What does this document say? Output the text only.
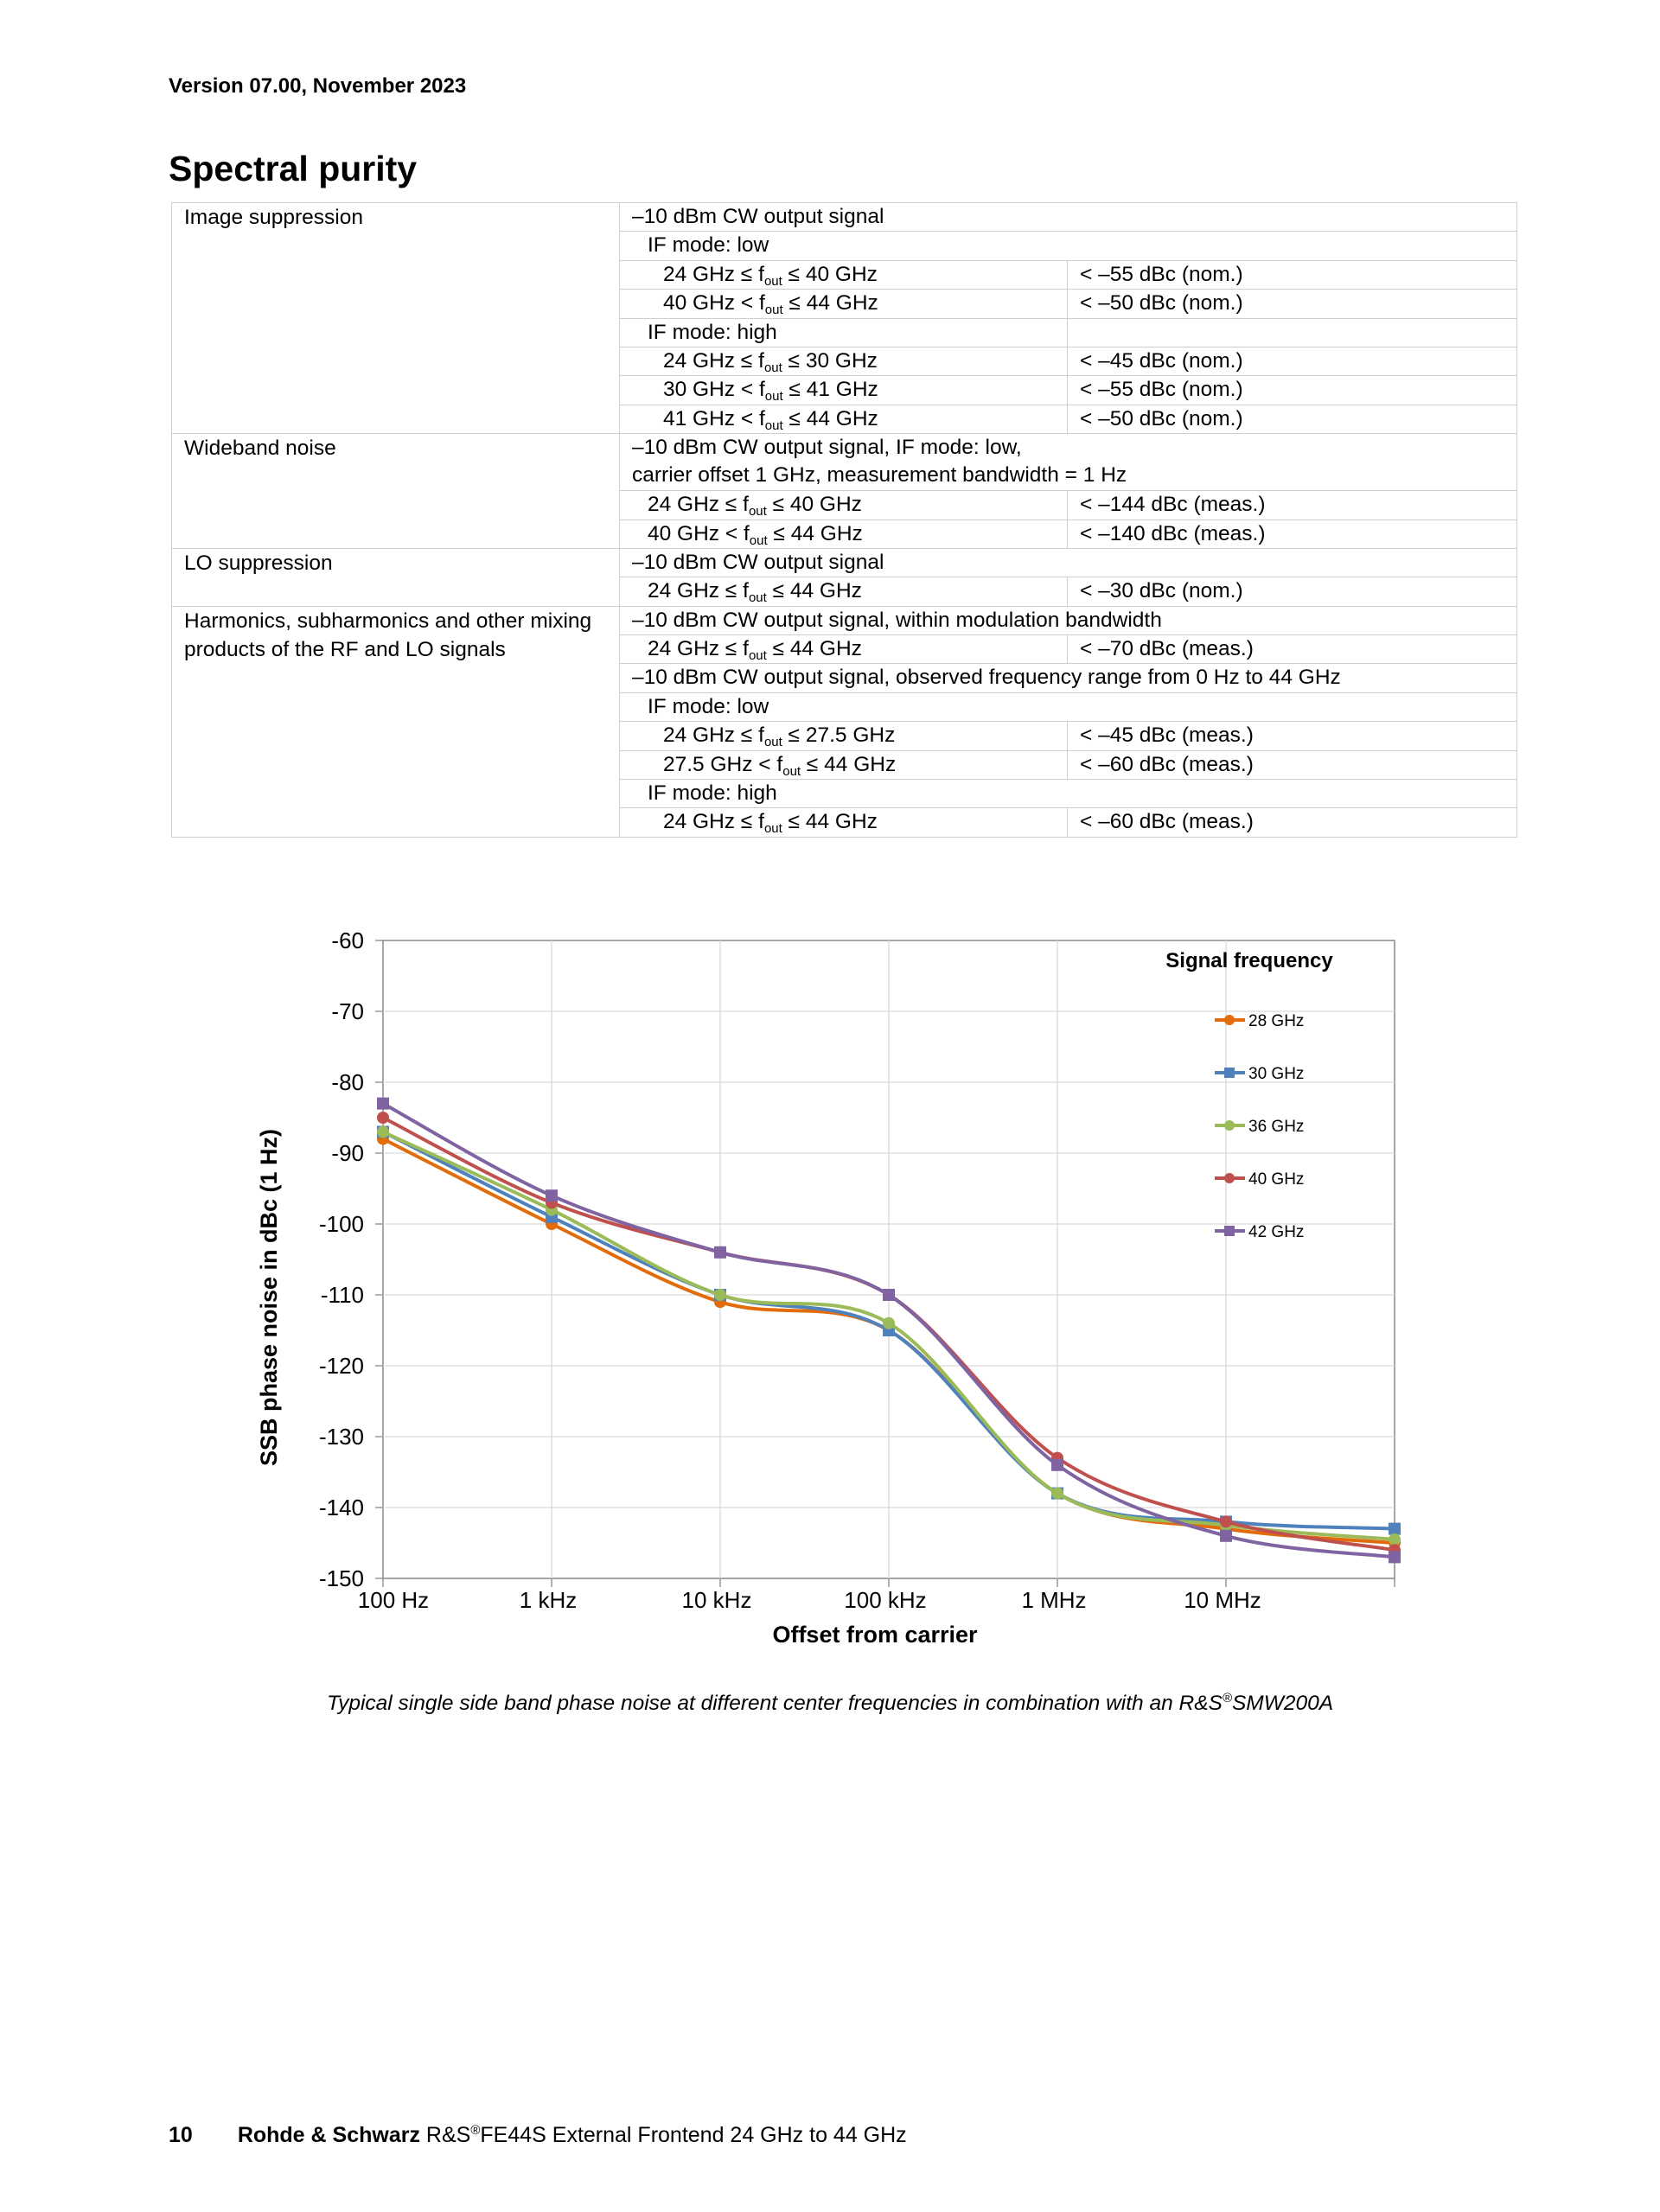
Version 07.00, November 2023
Spectral purity
Image suppression	–10 dBm CW output signal	
	IF mode: low	
	24 GHz ≤ $f_{out} \le 40$ GHz	< –55 dBc (nom.)
	40 GHz < $f_{out} \le 44$ GHz	< –50 dBc (nom.)
	IF mode: high	
	24 GHz ≤ $f_{out} \le 30$ GHz	< –45 dBc (nom.)
	30 GHz < $f_{out} \le 41$ GHz	< –55 dBc (nom.)
	41 GHz < $f_{out} \le 44$ GHz	< –50 dBc (nom.)
Wideband noise	–10 dBm CW output signal, IF mode: low,
carrier offset 1 GHz, measurement bandwidth = 1 Hz	

	24 GHz ≤ $f_{out} \le 40$ GHz	< –144 dBc (meas.)
	40 GHz < $f_{out} \le 44$ GHz	< –140 dBc (meas.)
LO suppression	–10 dBm CW output signal	
	24 GHz ≤ $f_{out} \le 44$ GHz	< –30 dBc (nom.)
Harmonics, subharmonics and other mixing products of the RF and LO signals	–10 dBm CW output signal, within modulation bandwidth	
	24 GHz ≤ $f_{out} \le 44$ GHz	< –70 dBc (meas.)
	–10 dBm CW output signal, observed frequency range from 0 Hz to 44 GHz	
	IF mode: low	
	24 GHz ≤ $f_{out} \le 27.5$ GHz	< –45 dBc (meas.)
	27.5 GHz < $f_{out} \le 44$ GHz	< –60 dBc (meas.)
	IF mode: high	
	24 GHz ≤ $f_{out} \le 44$ GHz	< –60 dBc (meas.)
-60
-70
-80
-90
-100
-110
-120
-130
-140
-150
100 Hz	1 kHz	10 kHz	100 kHz	1 MHz	10 MHz
28 GHz
30 GHz
36 GHz
40 GHz
42 GHz
Offset from carrier
SSB phase noise in dBc (1 Hz)
Signal frequency
Typical single side band phase noise at different center frequencies in combination with an R&S®SMW200A
10 Rohde & Schwarz R&S®FE44S External Frontend 24 GHz to 44 GHz
